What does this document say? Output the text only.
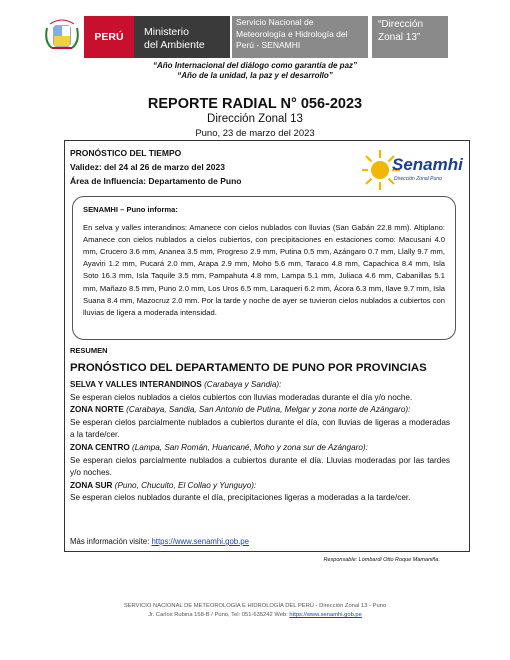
PERÚ Ministerio
del Ambiente
Servicio Nacional de
Meteorología e Hidrología del
Perú - SENAMHI
“Dirección
Zonal 13”
“Año Internacional del diálogo como garantía de paz”
“Año de la unidad, la paz y el desarrollo”
REPORTE RADIAL N° 056-2023
Dirección Zonal 13
Puno, 23 de marzo del 2023
PRONÓSTICO DEL TIEMPO
Validez: del 24 al 26 de marzo del 2023
Área de Influencia: Departamento de Puno
Senamhi
Dirección Zonal Puno
SENAMHI – Puno informa:
En selva y valles interandinos: Amanece con cielos nublados con lluvias (San Gabán 22.8 mm). Altiplano: Amanece con cielos nublados a cielos cubiertos, con precipitaciones en estaciones como: Macusani 4.0 mm, Crucero 3.6 mm, Ananea 3.5 mm, Progreso 2.9 mm, Putina 0.5 mm, Azángaro 0.7 mm, Llally 9.7 mm, Ayaviri 1.2 mm, Pucará 2.0 mm, Arapa 2.9 mm, Moho 5.6 mm, Taraco 4.8 mm, Capachica 8.4 mm, Isla Soto 16.3 mm, Isla Taquile 3.5 mm, Pampahuta 4.8 mm, Lampa 5.1 mm, Juliaca 4.6 mm, Cabanillas 5.1 mm, Mañazo 8.5 mm, Puno 2.0 mm, Los Uros 6.5 mm, Laraqueri 6.2 mm, Ácora 6.3 mm, Ilave 9.7 mm, Isla Suana 8.4 mm, Mazocruz 2.0 mm. Por la tarde y noche de ayer se tuvieron cielos nublados a cubiertos con lluvias de ligera a moderada intensidad.
RESUMEN
PRONÓSTICO DEL DEPARTAMENTO DE PUNO POR PROVINCIAS
SELVA Y VALLES INTERANDINOS (Carabaya y Sandia):
Se esperan cielos nublados a cielos cubiertos con lluvias moderadas durante el día y/o noche.
ZONA NORTE (Carabaya, Sandia, San Antonio de Putina, Melgar y zona norte de Azángaro):
Se esperan cielos parcialmente nublados a cubiertos durante el día, con lluvias de ligeras a moderadas a la tarde/cer.
ZONA CENTRO (Lampa, San Román, Huancané, Moho y zona sur de Azángaro):
Se esperan cielos parcialmente nublados a cubiertos durante el día. Lluvias moderadas por las tardes y/o noches.
ZONA SUR (Puno, Chucuito, El Collao y Yunguyo):
Se esperan cielos nublados durante el día, precipitaciones ligeras a moderadas a la tarde/cer.
Más información visite: https://www.senamhi.gob.pe
Responsable: Lombardi Otto Roque Mamaniña.
SERVICIO NACIONAL DE METEOROLOGÍA E HIDROLOGÍA DEL PERÚ - Dirección Zonal 13 - Puno
Jr. Carlos Rubina 158-B / Puno, Tel: 051-635242 Web: https://www.senamhi.gob.pe
